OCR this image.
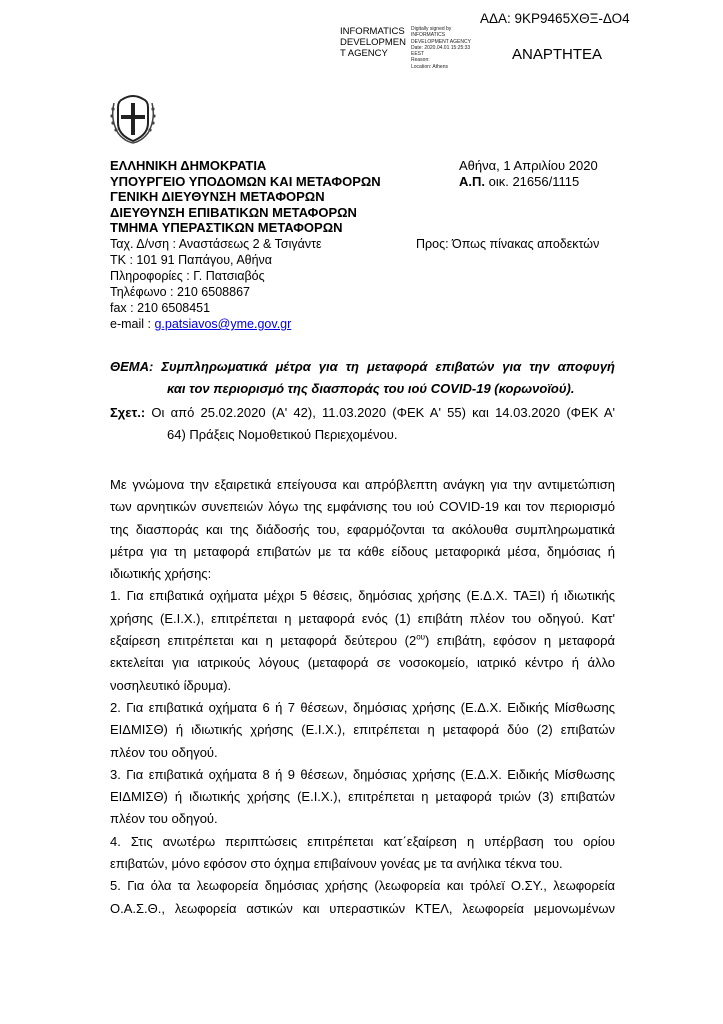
ΑΔΑ: 9ΚΡ9465ΧΘΞ-ΔΟ4
INFORMATICS
DEVELOPMEN
T AGENCY
Digitally signed by
INFORMATICS
DEVELOPMENT AGENCY
Date: 2020.04.01 15:25:33
EEST
Reason:
Location: Athens
ΑΝΑΡΤΗΤΕΑ
ΕΛΛΗΝΙΚΗ ΔΗΜΟΚΡΑΤΙΑ
ΥΠΟΥΡΓΕΙΟ ΥΠΟΔΟΜΩΝ ΚΑΙ ΜΕΤΑΦΟΡΩΝ
ΓΕΝΙΚΗ ΔΙΕΥΘΥΝΣΗ ΜΕΤΑΦΟΡΩΝ
ΔΙΕΥΘΥΝΣΗ ΕΠΙΒΑΤΙΚΩΝ ΜΕΤΑΦΟΡΩΝ
ΤΜΗΜΑ ΥΠΕΡΑΣΤΙΚΩΝ ΜΕΤΑΦΟΡΩΝ
Ταχ. Δ/νση : Αναστάσεως 2 & Τσιγάντε
ΤΚ : 101 91 Παπάγου, Αθήνα
Πληροφορίες : Γ. Πατσιαβός
Τηλέφωνο : 210 6508867
fax : 210 6508451
e-mail : g.patsiavos@yme.gov.gr
Αθήνα, 1 Απριλίου 2020
Α.Π. οικ. 21656/1115
Προς: Όπως πίνακας αποδεκτών
ΘΕΜΑ: Συμπληρωματικά μέτρα για τη μεταφορά επιβατών για την αποφυγή
και τον περιορισμό της διασποράς του ιού COVID-19 (κορωνοϊού).
Σχετ.: Οι από 25.02.2020 (Α' 42), 11.03.2020 (ΦΕΚ Α' 55) και 14.03.2020 (ΦΕΚ Α'
64) Πράξεις Νομοθετικού Περιεχομένου.
Με γνώμονα την εξαιρετικά επείγουσα και απρόβλεπτη ανάγκη για την αντιμετώπιση
των αρνητικών συνεπειών λόγω της εμφάνισης του ιού COVID-19 και τον περιορισμό
της διασποράς και της διάδοσής του, εφαρμόζονται τα ακόλουθα συμπληρωματικά
μέτρα για τη μεταφορά επιβατών με τα κάθε είδους μεταφορικά μέσα, δημόσιας ή
ιδιωτικής χρήσης:
1. Για επιβατικά οχήματα μέχρι 5 θέσεις, δημόσιας χρήσης (Ε.Δ.Χ. ΤΑΞΙ) ή ιδιωτικής
χρήσης (Ε.Ι.Χ.), επιτρέπεται η μεταφορά ενός (1) επιβάτη πλέον του οδηγού. Κατ'
εξαίρεση επιτρέπεται και η μεταφορά δεύτερου $(2^{o\upsilon})$ επιβάτη, εφόσον η μεταφορά
εκτελείται για ιατρικούς λόγους (μεταφορά σε νοσοκομείο, ιατρικό κέντρο ή άλλο
νοσηλευτικό ίδρυμα).
2. Για επιβατικά οχήματα 6 ή 7 θέσεων, δημόσιας χρήσης (Ε.Δ.Χ. Ειδικής Μίσθωσης
ΕΙΔΜΙΣΘ) ή ιδιωτικής χρήσης (Ε.Ι.Χ.), επιτρέπεται η μεταφορά δύο (2) επιβατών
πλέον του οδηγού.
3. Για επιβατικά οχήματα 8 ή 9 θέσεων, δημόσιας χρήσης (Ε.Δ.Χ. Ειδικής Μίσθωσης
ΕΙΔΜΙΣΘ) ή ιδιωτικής χρήσης (Ε.Ι.Χ.), επιτρέπεται η μεταφορά τριών (3) επιβατών
πλέον του οδηγού.
4. Στις ανωτέρω περιπτώσεις επιτρέπεται κατ΄εξαίρεση η υπέρβαση του ορίου
επιβατών, μόνο εφόσον στο όχημα επιβαίνουν γονέας με τα ανήλικα τέκνα του.
5. Για όλα τα λεωφορεία δημόσιας χρήσης (λεωφορεία και τρόλεϊ Ο.ΣΥ., λεωφορεία
Ο.Α.Σ.Θ., λεωφορεία αστικών και υπεραστικών ΚΤΕΛ, λεωφορεία μεμονωμένων
